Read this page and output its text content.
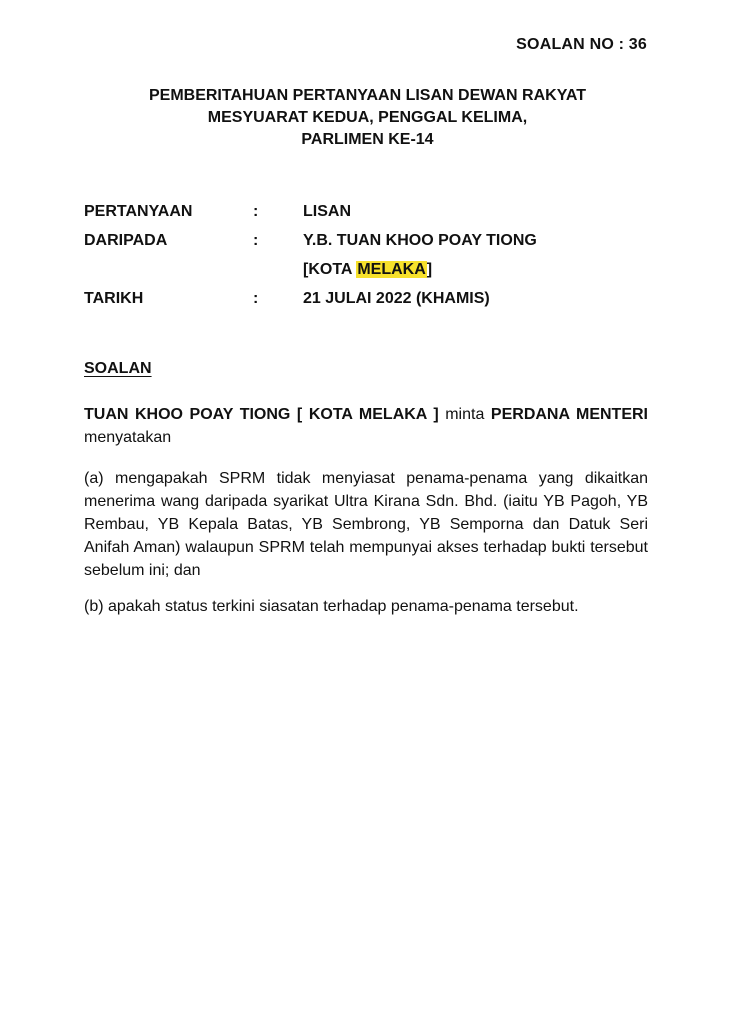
SOALAN NO : 36
PEMBERITAHUAN PERTANYAAN LISAN DEWAN RAKYAT
MESYUARAT KEDUA, PENGGAL KELIMA,
PARLIMEN KE-14
PERTANYAAN	:	LISAN
DARIPADA	:	Y.B. TUAN KHOO POAY TIONG
[KOTA MELAKA]
TARIKH	:	21 JULAI 2022 (KHAMIS)
SOALAN
TUAN KHOO POAY TIONG [ KOTA MELAKA ] minta PERDANA MENTERI menyatakan
(a) mengapakah SPRM tidak menyiasat penama-penama yang dikaitkan menerima wang daripada syarikat Ultra Kirana Sdn. Bhd. (iaitu YB Pagoh, YB Rembau, YB Kepala Batas, YB Sembrong, YB Semporna dan Datuk Seri Anifah Aman) walaupun SPRM telah mempunyai akses terhadap bukti tersebut sebelum ini; dan
(b) apakah status terkini siasatan terhadap penama-penama tersebut.
